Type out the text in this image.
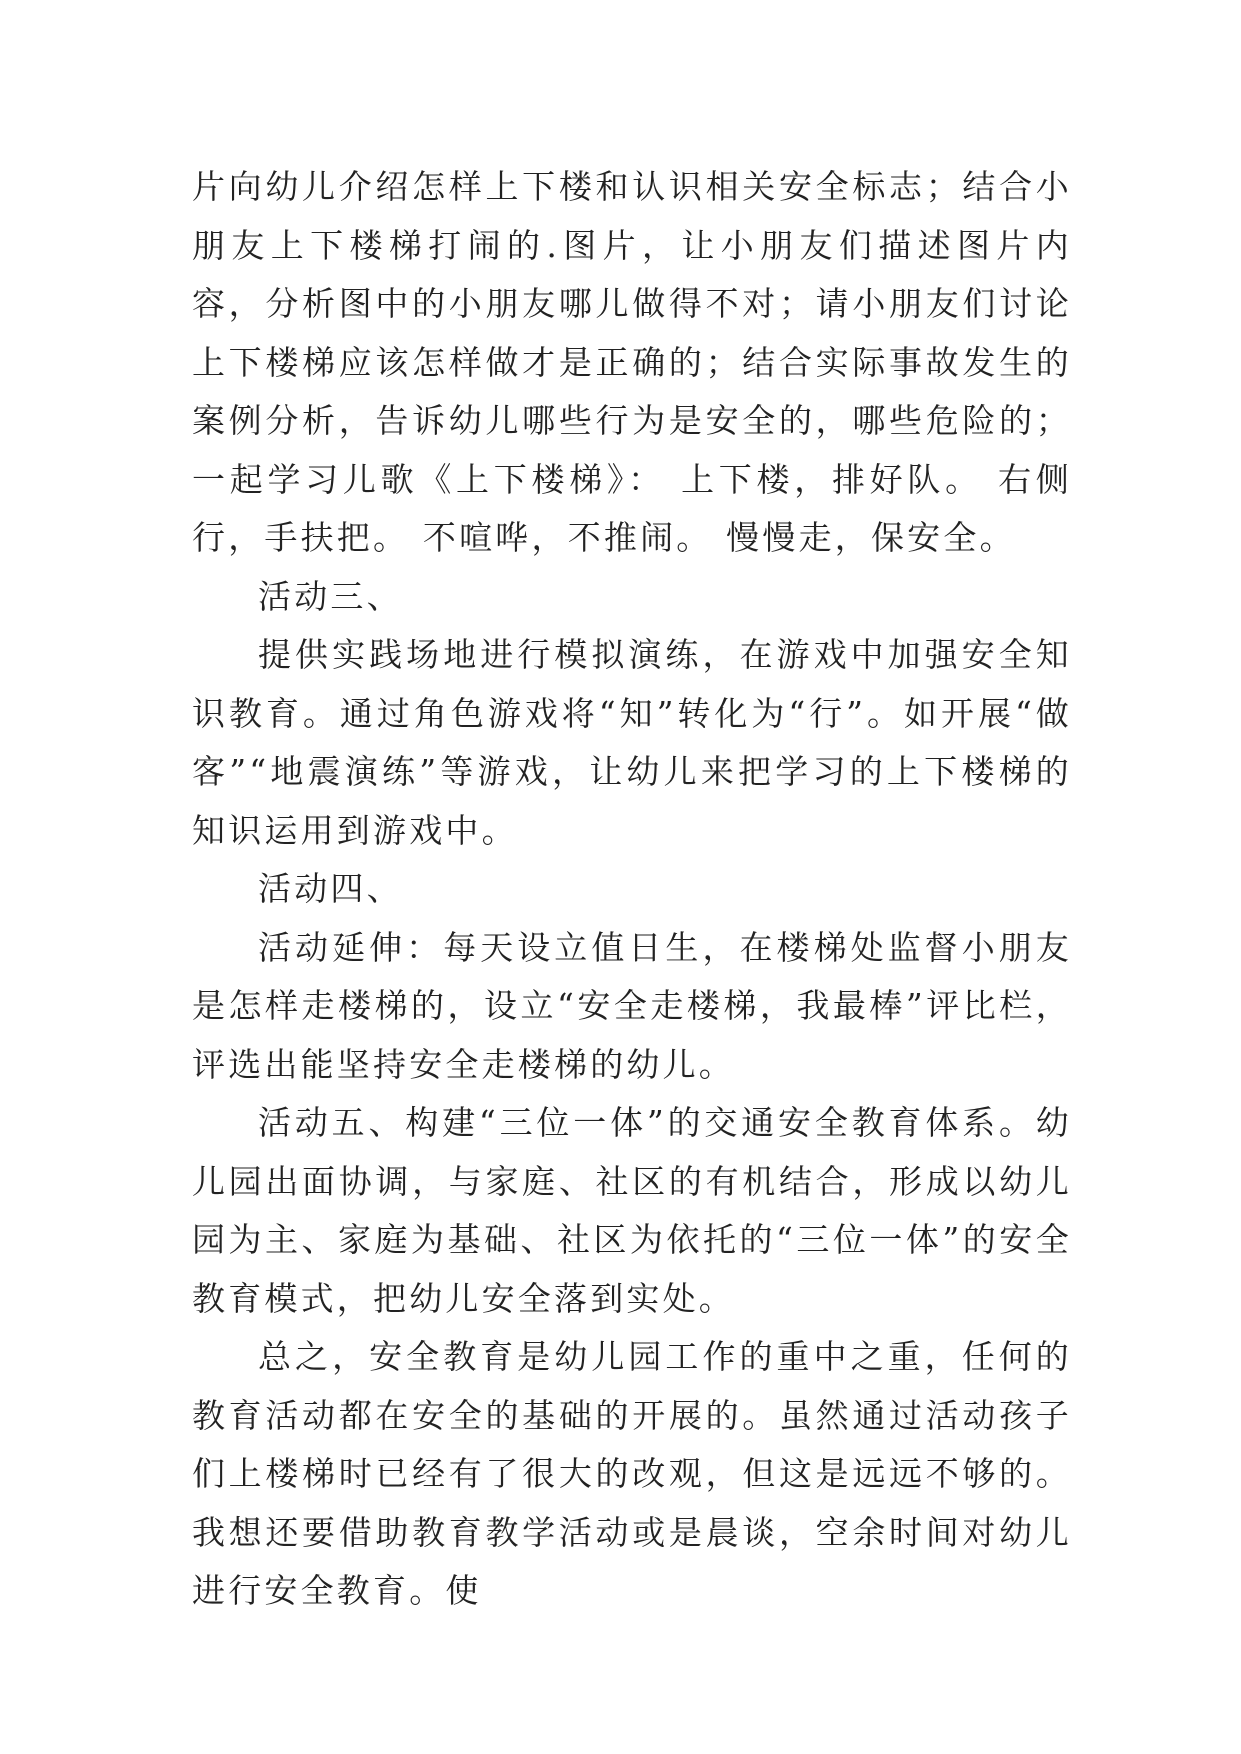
片向幼儿介绍怎样上下楼和认识相关安全标志；结合小朋友上下楼梯打闹的.图片，让小朋友们描述图片内容，分析图中的小朋友哪儿做得不对；请小朋友们讨论上下楼梯应该怎样做才是正确的；结合实际事故发生的案例分析，告诉幼儿哪些行为是安全的，哪些危险的；一起学习儿歌《上下楼梯》： 上下楼，排好队。 右侧行，手扶把。 不喧哗，不推闹。 慢慢走，保安全。

活动三、

提供实践场地进行模拟演练，在游戏中加强安全知识教育。通过角色游戏将“知”转化为“行”。如开展“做客”“地震演练”等游戏，让幼儿来把学习的上下楼梯的知识运用到游戏中。

活动四、

活动延伸：每天设立值日生，在楼梯处监督小朋友是怎样走楼梯的，设立“安全走楼梯，我最棒”评比栏，评选出能坚持安全走楼梯的幼儿。

活动五、构建“三位一体”的交通安全教育体系。幼儿园出面协调，与家庭、社区的有机结合，形成以幼儿园为主、家庭为基础、社区为依托的“三位一体”的安全教育模式，把幼儿安全落到实处。

总之，安全教育是幼儿园工作的重中之重，任何的教育活动都在安全的基础的开展的。虽然通过活动孩子们上楼梯时已经有了很大的改观，但这是远远不够的。我想还要借助教育教学活动或是晨谈，空余时间对幼儿进行安全教育。使
